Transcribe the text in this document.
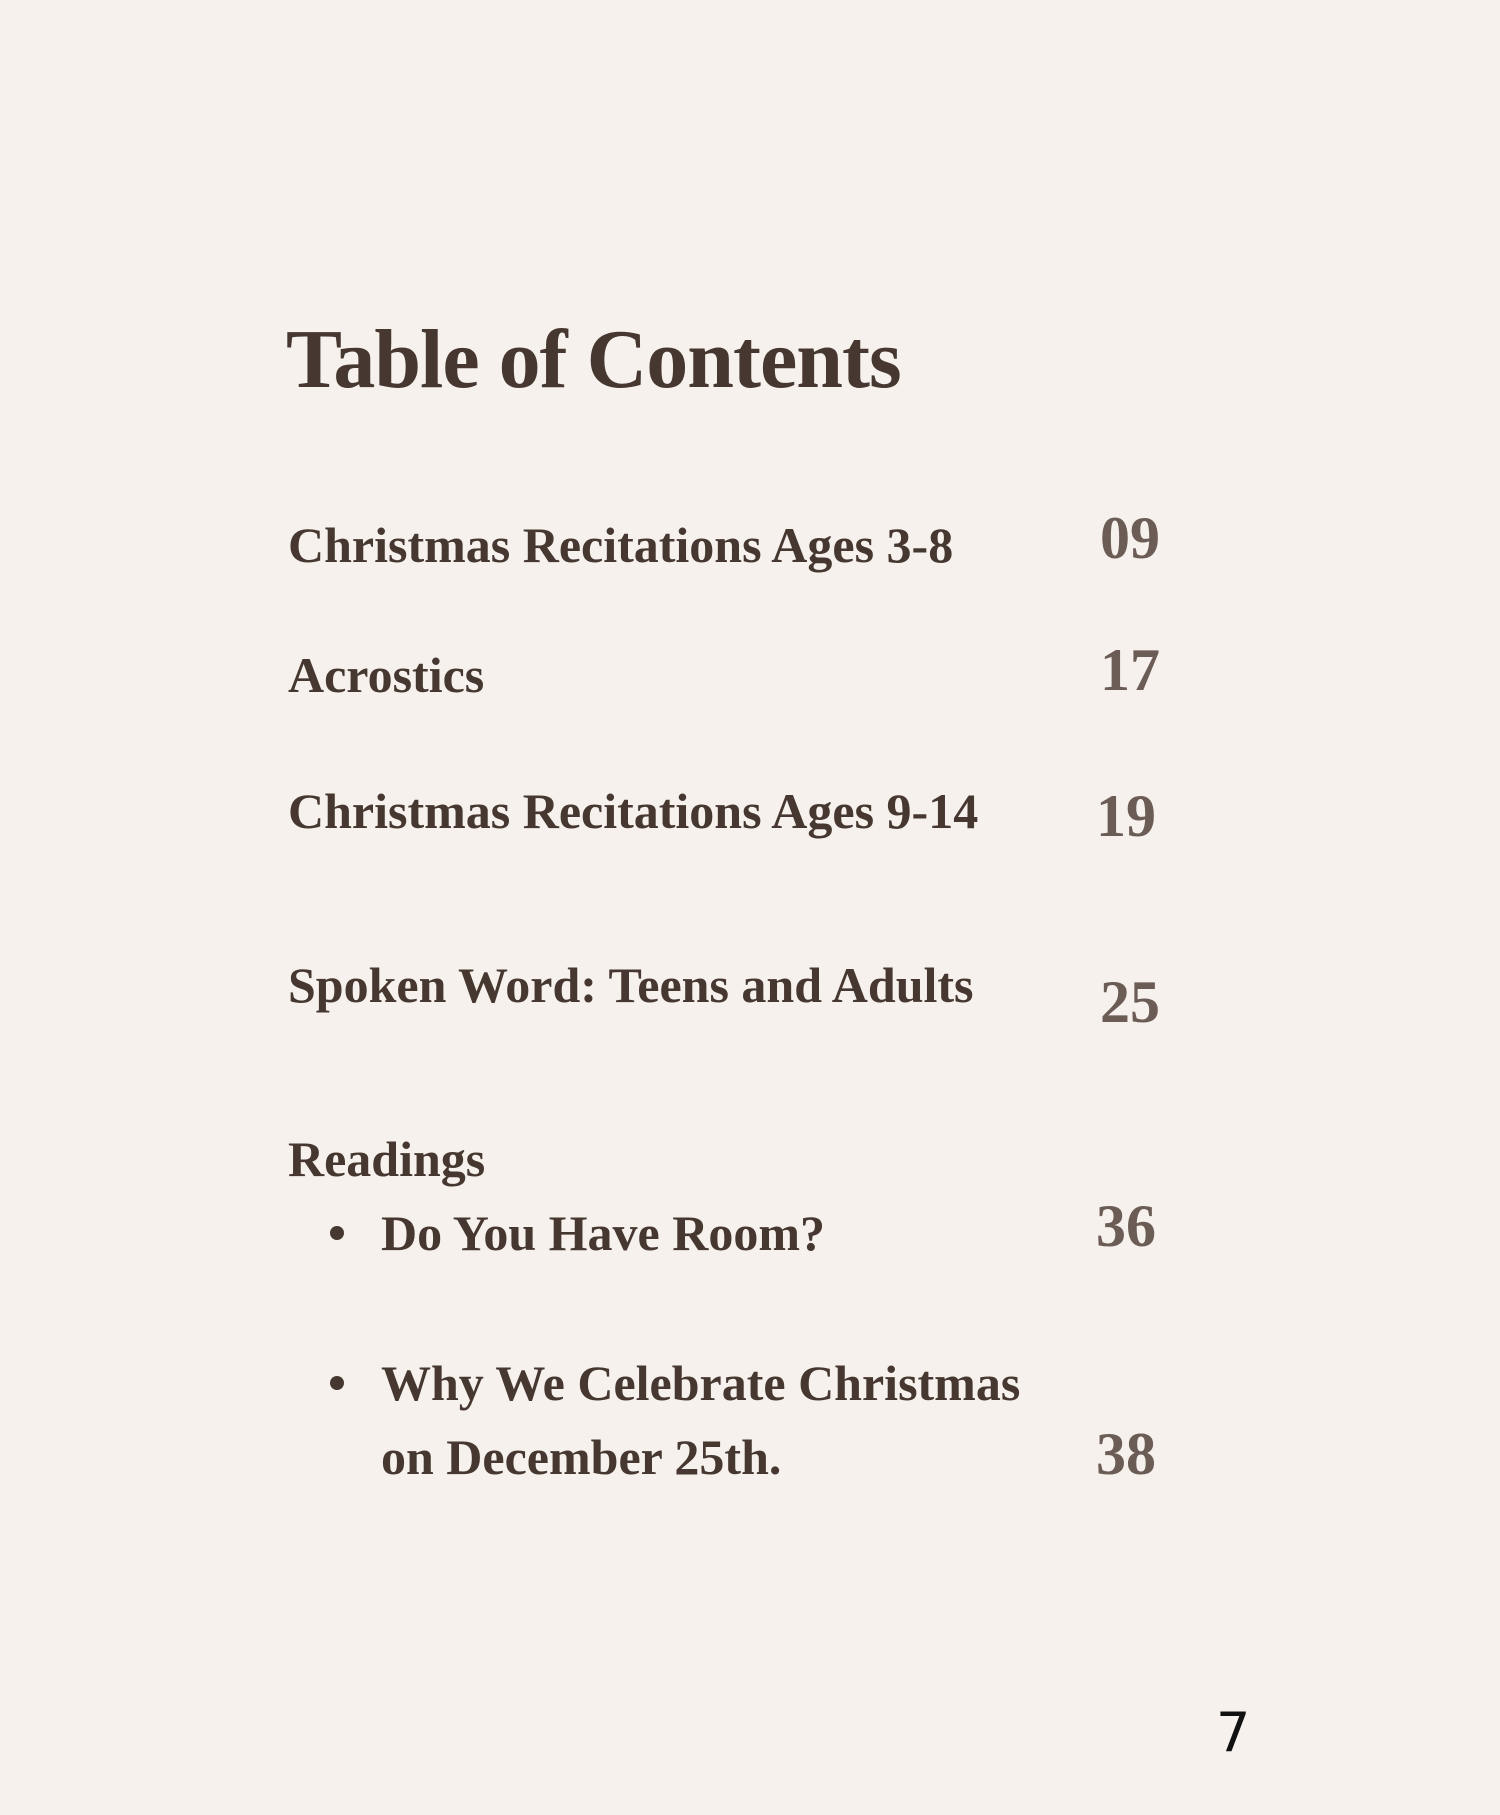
Table of Contents
Christmas Recitations Ages 3-8 09
Acrostics	17
Christmas Recitations Ages 9-14 19
Spoken Word: Teens and Adults 25
Readings
Do You Have Room?	36
Why We Celebrate Christmas
on December 25th.	38
7
